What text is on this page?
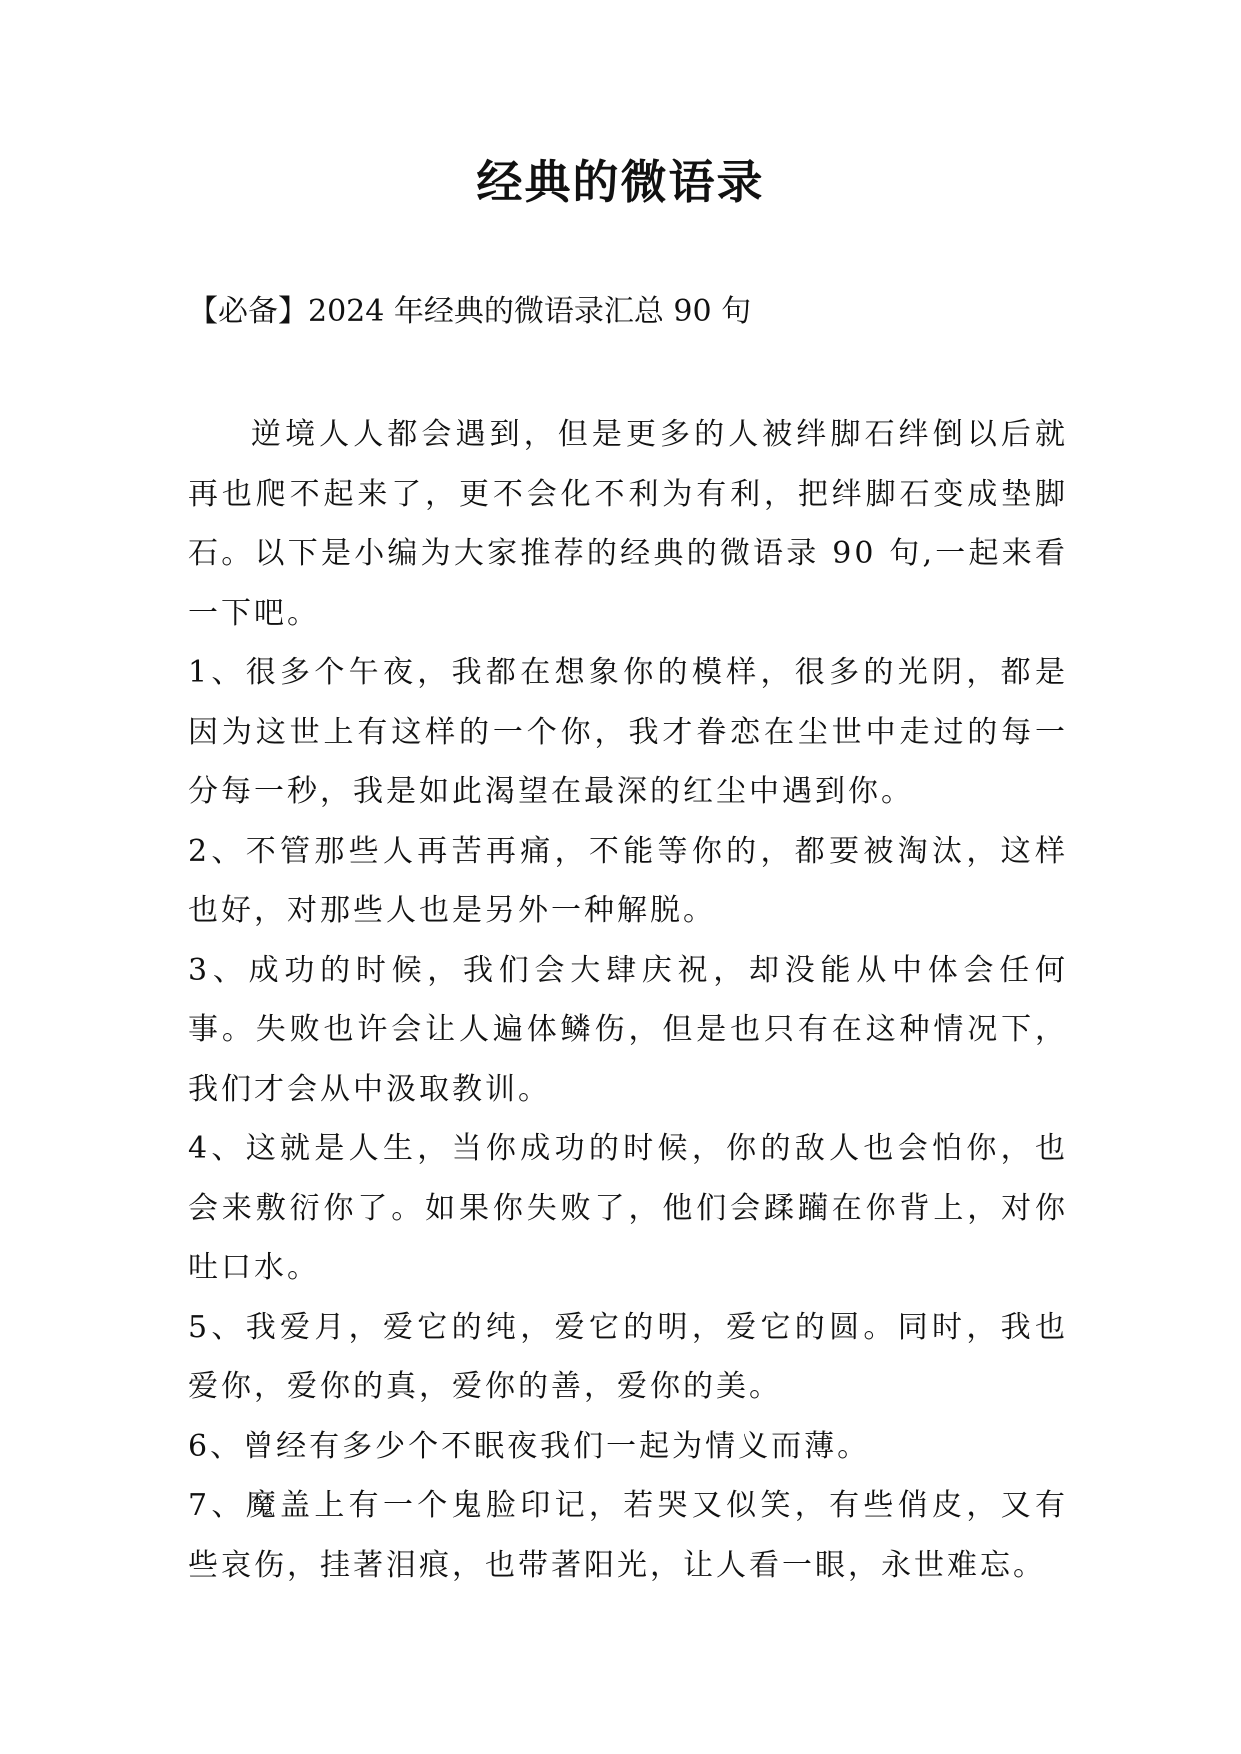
经典的微语录
【必备】2024 年经典的微语录汇总 90 句

逆境人人都会遇到，但是更多的人被绊脚石绊倒以后就再也爬不起来了，更不会化不利为有利，把绊脚石变成垫脚石。以下是小编为大家推荐的经典的微语录 90 句,一起来看一下吧。

1、很多个午夜，我都在想象你的模样，很多的光阴，都是因为这世上有这样的一个你，我才眷恋在尘世中走过的每一分每一秒，我是如此渴望在最深的红尘中遇到你。

2、不管那些人再苦再痛，不能等你的，都要被淘汰，这样也好，对那些人也是另外一种解脱。

3、成功的时候，我们会大肆庆祝，却没能从中体会任何事。失败也许会让人遍体鳞伤，但是也只有在这种情况下，我们才会从中汲取教训。

4、这就是人生，当你成功的时候，你的敌人也会怕你，也会来敷衍你了。如果你失败了，他们会蹂躏在你背上，对你吐口水。

5、我爱月，爱它的纯，爱它的明，爱它的圆。同时，我也爱你，爱你的真，爱你的善，爱你的美。

6、曾经有多少个不眠夜我们一起为情义而薄。

7、魔盖上有一个鬼脸印记，若哭又似笑，有些俏皮，又有些哀伤，挂著泪痕，也带著阳光，让人看一眼，永世难忘。
